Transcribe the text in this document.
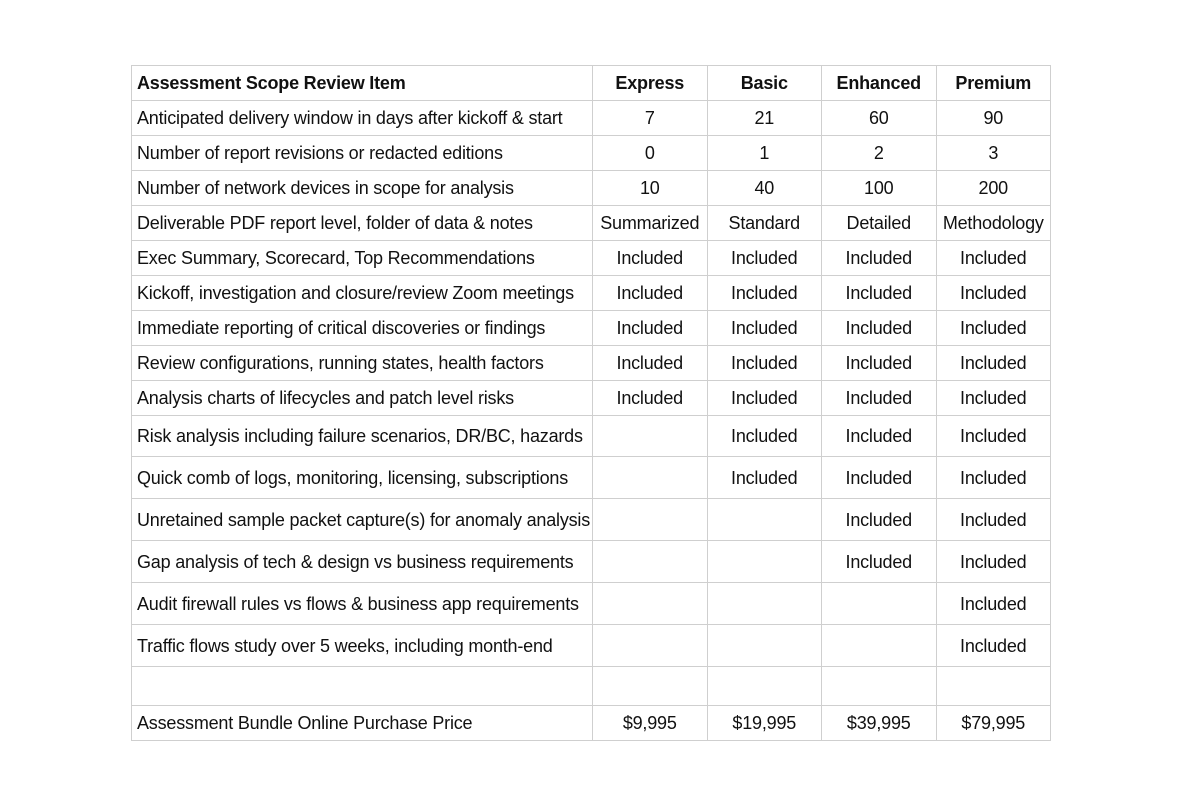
Assessment Scope Review Item	Express	Basic	Enhanced	Premium
Anticipated delivery window in days after kickoff & start	7	21	60	90
Number of report revisions or redacted editions	0	1	2	3
Number of network devices in scope for analysis	10	40	100	200
Deliverable PDF report level, folder of data & notes	Summarized	Standard	Detailed	Methodology
Exec Summary, Scorecard, Top Recommendations	Included	Included	Included	Included
Kickoff, investigation and closure/review Zoom meetings	Included	Included	Included	Included
Immediate reporting of critical discoveries or findings	Included	Included	Included	Included
Review configurations, running states, health factors	Included	Included	Included	Included
Analysis charts of lifecycles and patch level risks	Included	Included	Included	Included
Risk analysis including failure scenarios, DR/BC, hazards		Included	Included	Included
Quick comb of logs, monitoring, licensing, subscriptions		Included	Included	Included
Unretained sample packet capture(s) for anomaly analysis			Included	Included
Gap analysis of tech & design vs business requirements			Included	Included
Audit firewall rules vs flows & business app requirements				Included
Traffic flows study over 5 weeks, including month-end				Included

Assessment Bundle Online Purchase Price	$9,995	$19,995	$39,995	$79,995
